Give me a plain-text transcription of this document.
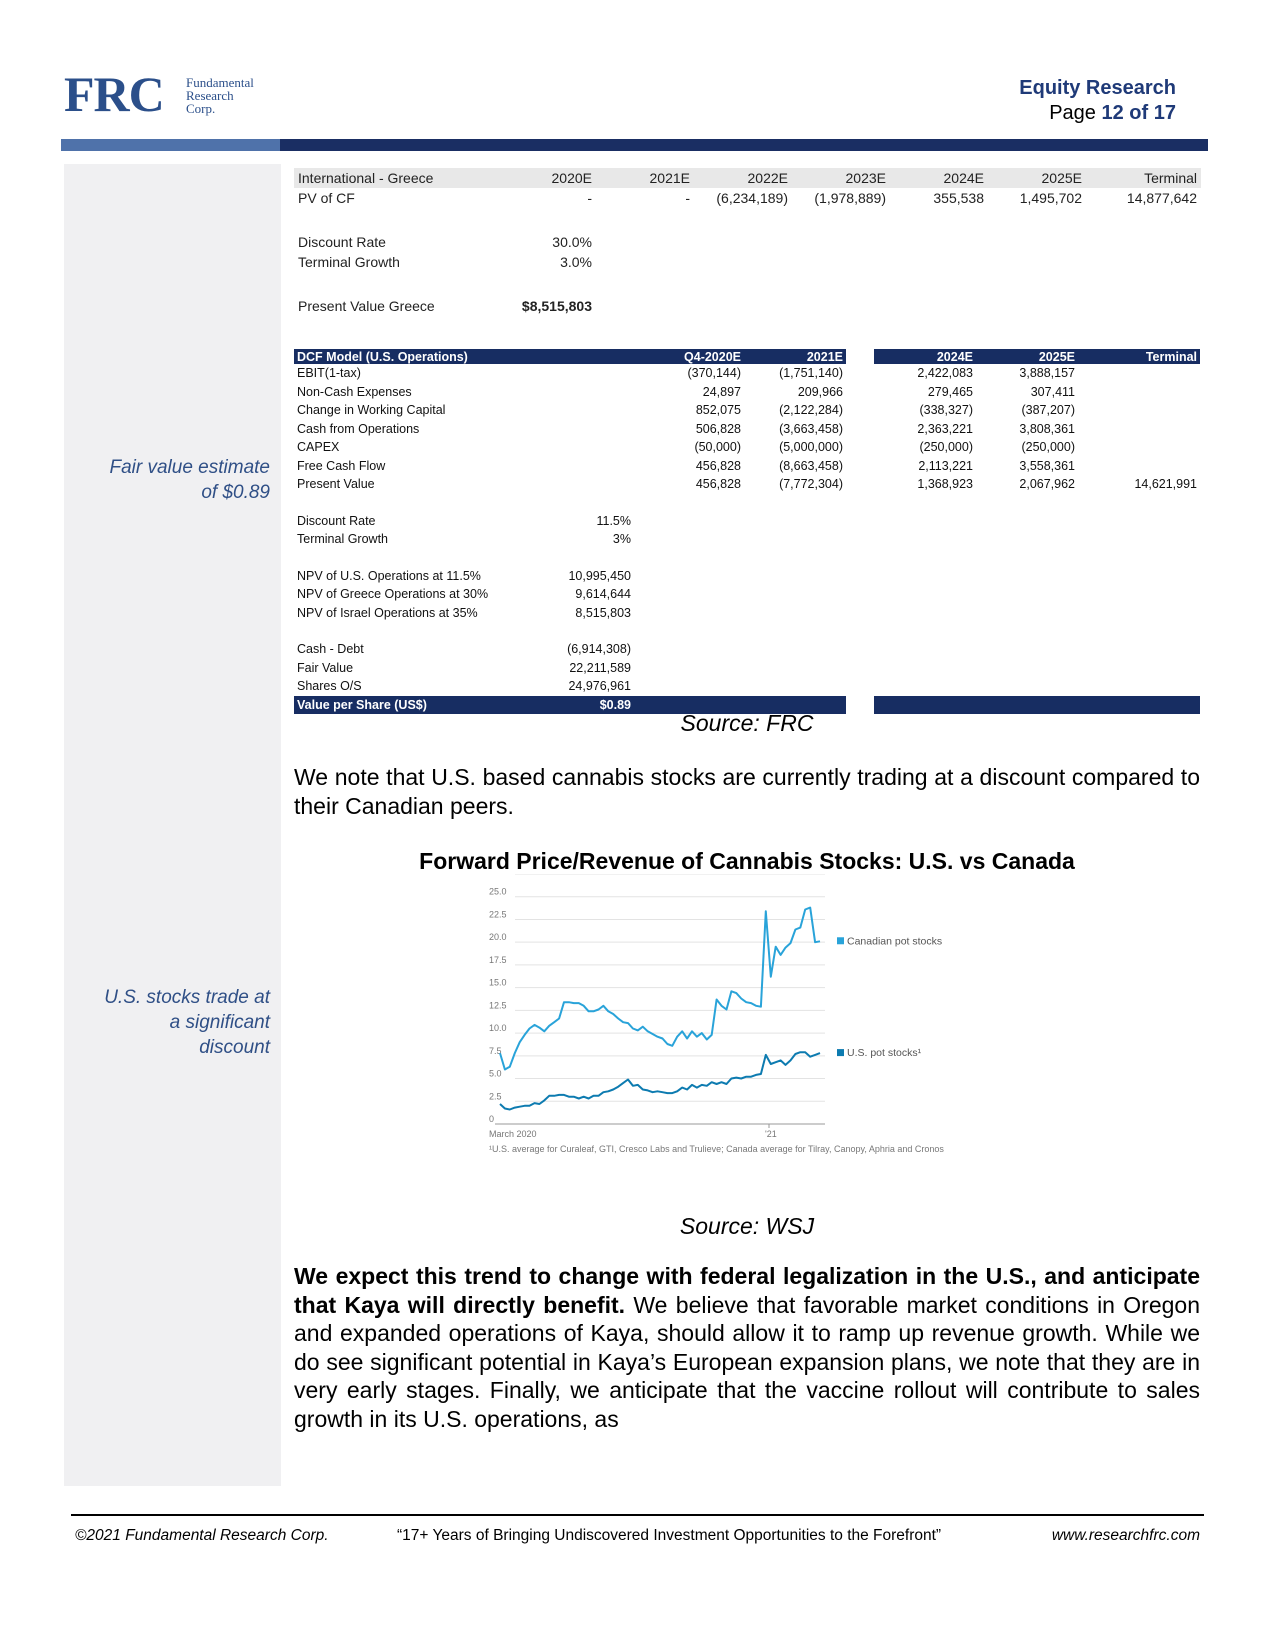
FRC Fundamental
Research
Corp.
Equity Research
Page 12 of 17
Fair value estimate
of $0.89
U.S. stocks trade at
a significant
discount
International - Greece	2020E	2021E	2022E	2023E	2024E	2025E	Terminal
PV of CF	-	-	(6,234,189)	(1,978,889)	355,538	1,495,702	14,877,642

Discount Rate	30.0%						
Terminal Growth	3.0%						

Present Value Greece	$8,515,803						
DCF Model (U.S. Operations)		Q4-2020E	2021E		2024E	2025E	Terminal
EBIT(1-tax)		(370,144)	(1,751,140)		2,422,083	3,888,157	
Non-Cash Expenses		24,897	209,966		279,465	307,411	
Change in Working Capital		852,075	(2,122,284)		(338,327)	(387,207)	
Cash from Operations		506,828	(3,663,458)		2,363,221	3,808,361	
CAPEX		(50,000)	(5,000,000)		(250,000)	(250,000)	
Free Cash Flow		456,828	(8,663,458)		2,113,221	3,558,361	
Present Value		456,828	(7,772,304)		1,368,923	2,067,962	14,621,991

Discount Rate	11.5%						
Terminal Growth	3%						

NPV of U.S. Operations at 11.5%	10,995,450						
NPV of Greece Operations at 30%	9,614,644						
NPV of Israel Operations at 35%	8,515,803						

Cash - Debt	(6,914,308)						
Fair Value	22,211,589						
Shares O/S	24,976,961						
Value per Share (US$)	$0.89						
Source: FRC
We note that U.S. based cannabis stocks are currently trading at a discount compared to their Canadian peers.
Forward Price/Revenue of Cannabis Stocks: U.S. vs Canada
25.0
22.5
20.0
17.5
15.0
12.5
10.0
7.5
5.0
2.5
0
March 2020	'21
Canadian pot stocks
U.S. pot stocks¹
¹U.S. average for Curaleaf, GTI, Cresco Labs and Trulieve; Canada average for Tilray, Canopy, Aphria and Cronos
Source: WSJ
We expect this trend to change with federal legalization in the U.S., and anticipate that Kaya will directly benefit. We believe that favorable market conditions in Oregon and expanded operations of Kaya, should allow it to ramp up revenue growth. While we do see significant potential in Kaya’s European expansion plans, we note that they are in very early stages. Finally, we anticipate that the vaccine rollout will contribute to sales growth in its U.S. operations, as
©2021 Fundamental Research Corp.	“17+ Years of Bringing Undiscovered Investment Opportunities to the Forefront”	www.researchfrc.com
